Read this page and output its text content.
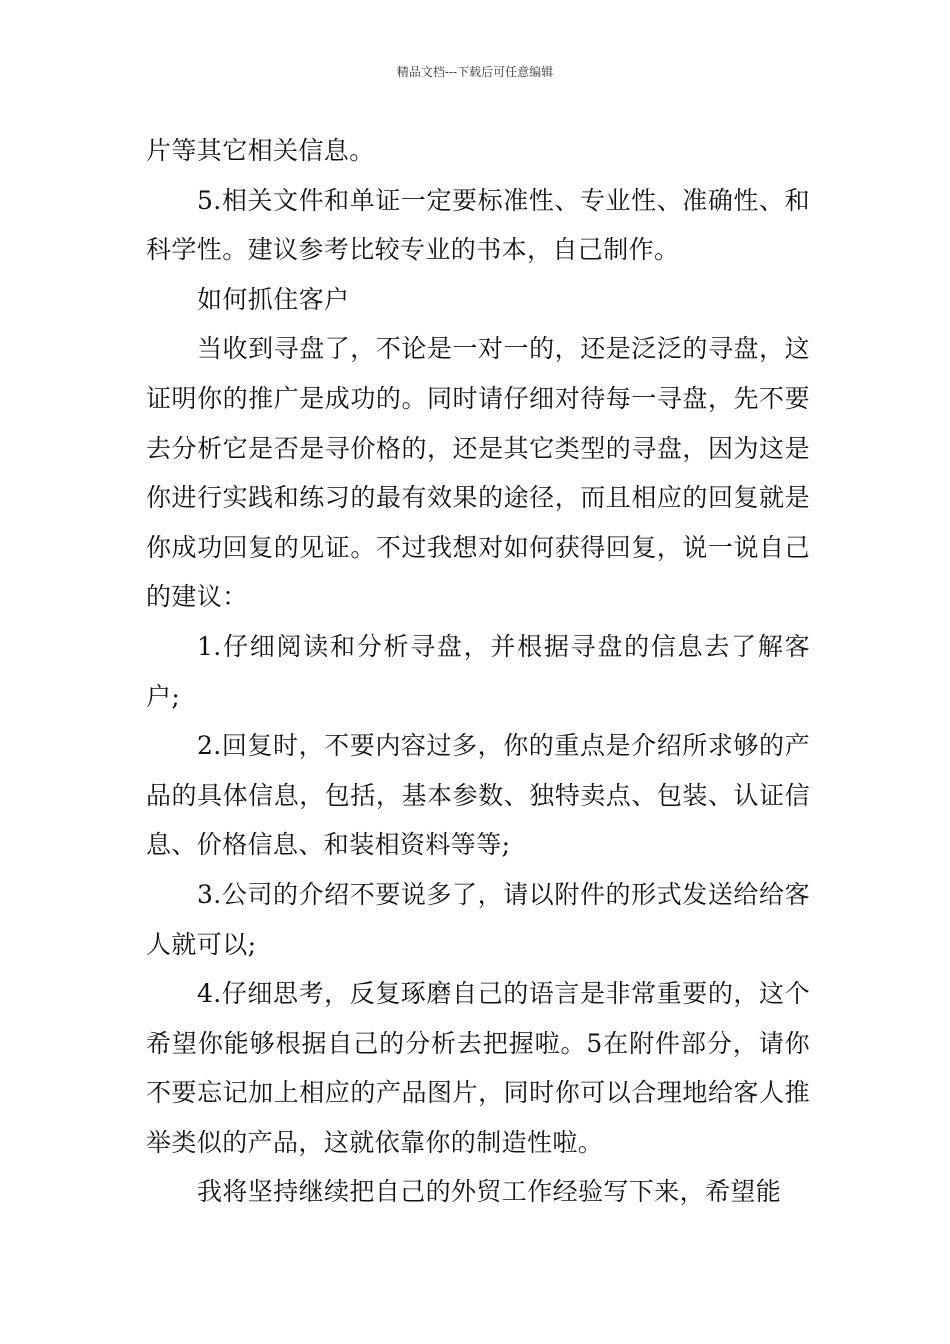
精品文档---下载后可任意编辑

片等其它相关信息。

5.相关文件和单证一定要标准性、专业性、准确性、和科学性。建议参考比较专业的书本，自己制作。

如何抓住客户

当收到寻盘了，不论是一对一的，还是泛泛的寻盘，这证明你的推广是成功的。同时请仔细对待每一寻盘，先不要去分析它是否是寻价格的，还是其它类型的寻盘，因为这是你进行实践和练习的最有效果的途径，而且相应的回复就是你成功回复的见证。不过我想对如何获得回复，说一说自己的建议：

1.仔细阅读和分析寻盘，并根据寻盘的信息去了解客户;

2.回复时，不要内容过多，你的重点是介绍所求够的产品的具体信息，包括，基本参数、独特卖点、包装、认证信息、价格信息、和装相资料等等;

3.公司的介绍不要说多了，请以附件的形式发送给给客人就可以;

4.仔细思考，反复琢磨自己的语言是非常重要的，这个希望你能够根据自己的分析去把握啦。5在附件部分，请你不要忘记加上相应的产品图片，同时你可以合理地给客人推举类似的产品，这就依靠你的制造性啦。

我将坚持继续把自己的外贸工作经验写下来，希望能
